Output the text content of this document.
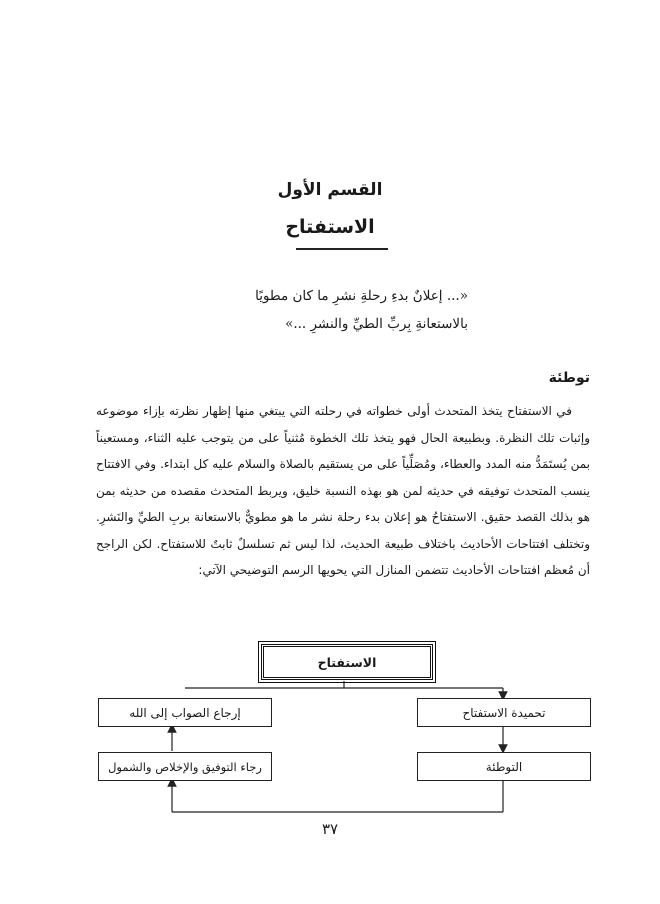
القسم الأول
الاستفتاح
«... إعلانٌ بدءِ رحلةِ نشرِ ما كان مطويًا
بالاستعانةِ بِربِّ الطيِّ والنشرِ ...»
توطئة

في الاستفتاح يتخذ المتحدث أولى خطواته في رحلته التي يبتغي منها إظهار نظرته بإزاء موضوعه وإثبات تلك النظرة. وبطبيعة الحال فهو يتخذ تلك الخطوة مُثنياً على من يتوجب عليه الثناء، ومستعيناً بمن يُستَمَدُّ منه المدد والعطاء، ومُصَلِّياً على من يستقيم بالصلاة والسلام عليه كل ابتداء. وفي الافتتاح ينسب المتحدث توفيقه في حديثه لمن هو بهذه النسبة خليق، ويربط المتحدث مقصده من حديثه بمن هو بذلك القصد حقيق. الاستفتاحُ هو إعلان بدء رحلة نشر ما هو مطويٌّ بالاستعانة بربِ الطيِّ والنَشرِ. وتختلف افتتاحات الأحاديث باختلاف طبيعة الحديث، لذا ليس ثم تسلسلٌ ثابتٌ للاستفتاح. لكن الراجح أن مُعظم افتتاحات الأحاديث تتضمن المنازل التي يحويها الرسم التوضيحي الآتي:

الاستفتاح
تحميدة الاستفتاح
التوطئة
إرجاع الصواب إلى الله
رجاء التوفيق والإخلاص والشمول
٣٧
